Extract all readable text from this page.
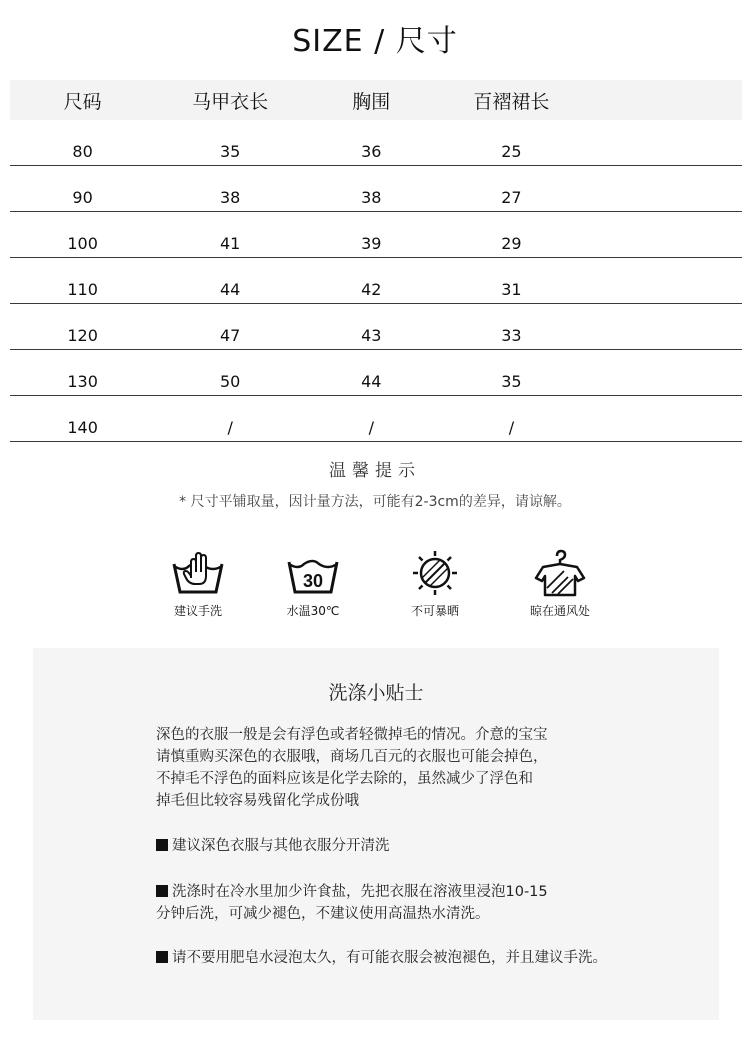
SIZE / 尺寸
尺码	马甲衣长	胸围	百褶裙长	
80	35	36	25	
90	38	38	27	
100	41	39	29	
110	44	42	31	
120	47	43	33	
130	50	44	35	
140	/	/	/	
温馨提示
* 尺寸平铺取量，因计量方法，可能有2-3cm的差异，请谅解。
建议手洗
30
水温30℃	不可暴晒	晾在通风处
洗涤小贴士
深色的衣服一般是会有浮色或者轻微掉毛的情况。介意的宝宝
请慎重购买深色的衣服哦，商场几百元的衣服也可能会掉色，
不掉毛不浮色的面料应该是化学去除的，虽然减少了浮色和
掉毛但比较容易残留化学成份哦
建议深色衣服与其他衣服分开清洗
洗涤时在冷水里加少许食盐，先把衣服在溶液里浸泡10-15
分钟后洗，可减少褪色，不建议使用高温热水清洗。
请不要用肥皂水浸泡太久，有可能衣服会被泡褪色，并且建议手洗。
